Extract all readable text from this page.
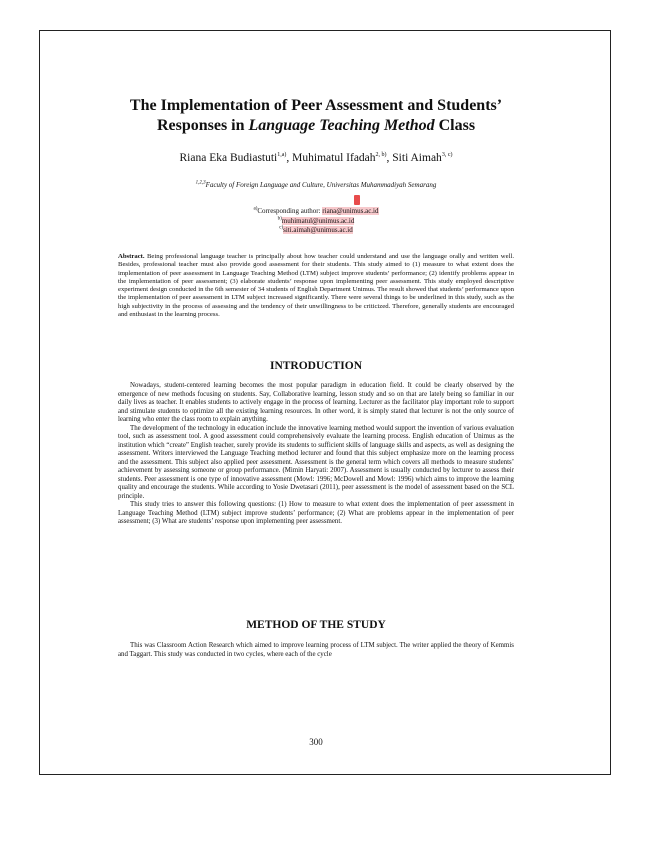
The Implementation of Peer Assessment and Students’
Responses in Language Teaching Method Class
Riana Eka Budiastuti$^{1,a)}$, Muhimatul Ifadah$^{2, b)}$, Siti Aimah$^{3, c)}$
$^{1,2,3}$Faculty of Foreign Language and Culture, Universitas Muhammadiyah Semarang
$^{a)}$Corresponding author: riana@unimus.ac.id
$^{b)}$muhimatul@unimus.ac.id
$^{c)}$siti.aimah@unimus.ac.id

Abstract. Being professional language teacher is principally about how teacher could understand and use the language orally and written well. Besides, professional teacher must also provide good assessment for their students. This study aimed to (1) measure to what extent does the implementation of peer assessment in Language Teaching Method (LTM) subject improve students’ performance; (2) identify problems appear in the implementation of peer assessment; (3) elaborate students’ response upon implementing peer assessment. This study employed descriptive experiment design conducted in the 6th semester of 34 students of English Department Unimus. The result showed that students’ performance upon the implementation of peer assessment in LTM subject increased significantly. There were several things to be underlined in this study, such as the high subjectivity in the process of assessing and the tendency of their unwillingness to be criticized. Therefore, generally students are encouraged and enthusiast in the learning process.

INTRODUCTION

Nowadays, student-centered learning becomes the most popular paradigm in education field. It could be clearly observed by the emergence of new methods focusing on students. Say, Collaborative learning, lesson study and so on that are lately being so familiar in our daily lives as teacher. It enables students to actively engage in the process of learning. Lecturer as the facilitator play important role to support and stimulate students to optimize all the existing learning resources. In other word, it is simply stated that lecturer is not the only source of learning who enter the class room to explain anything.

The development of the technology in education include the innovative learning method would support the invention of various evaluation tool, such as assessment tool. A good assessment could comprehensively evaluate the learning process. English education of Unimus as the institution which “create” English teacher, surely provide its students to sufficient skills of language skills and aspects, as well as designing the assessment. Writers interviewed the Language Teaching method lecturer and found that this subject emphasize more on the learning process and the assessment. This subject also applied peer assessment. Assessment is the general term which covers all methods to measure students’ achievement by assessing someone or group performance. (Mimin Haryati: 2007). Assessment is usually conducted by lecturer to assess their students. Peer assessment is one type of innovative assessment (Mowl: 1996; McDowell and Mowl: 1996) which aims to improve the learning quality and encourage the students. While according to Yosie Dwetasari (2011), peer assessment is the model of assessment based on the SCL principle.

This study tries to answer this following questions: (1) How to measure to what extent does the implementation of peer assessment in Language Teaching Method (LTM) subject improve students’ performance; (2) What are problems appear in the implementation of peer assessment; (3) What are students’ response upon implementing peer assessment.

METHOD OF THE STUDY

This was Classroom Action Research which aimed to improve learning process of LTM subject. The writer applied the theory of Kemmis and Taggart. This study was conducted in two cycles, where each of the cycle

300
